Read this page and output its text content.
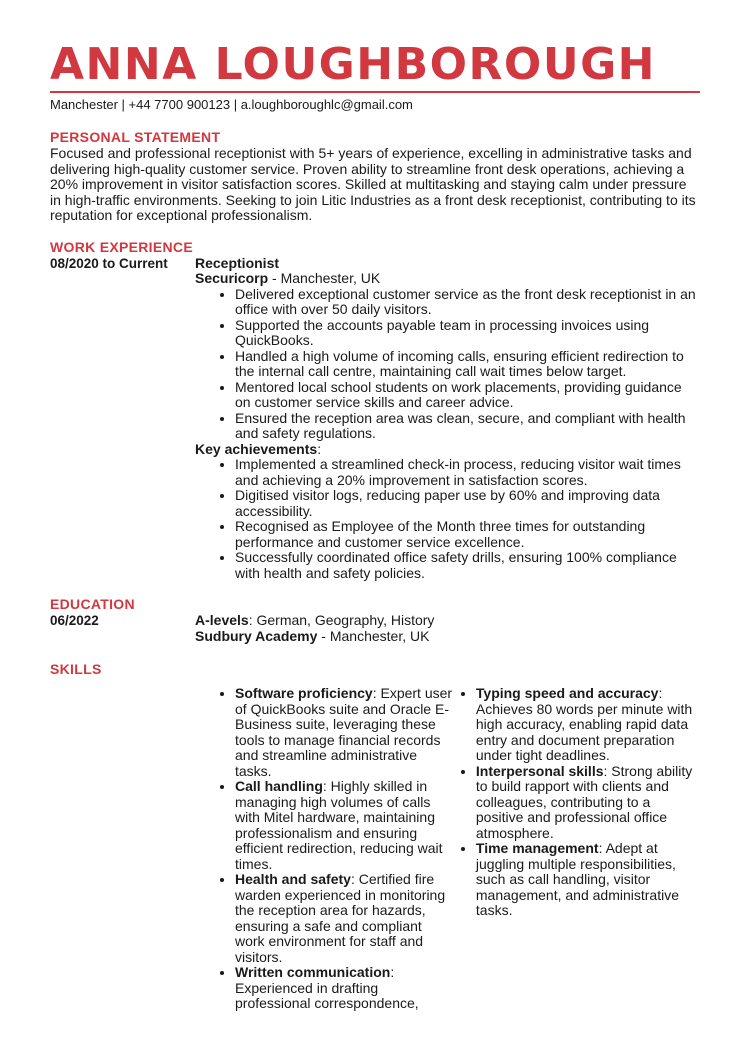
ANNA LOUGHBOROUGH
Manchester | +44 7700 900123 | a.loughboroughlc@gmail.com
PERSONAL STATEMENT
Focused and professional receptionist with 5+ years of experience, excelling in administrative tasks and delivering high-quality customer service. Proven ability to streamline front desk operations, achieving a 20% improvement in visitor satisfaction scores. Skilled at multitasking and staying calm under pressure in high-traffic environments. Seeking to join Litic Industries as a front desk receptionist, contributing to its reputation for exceptional professionalism.
WORK EXPERIENCE
08/2020 to Current	Receptionist
Securicorp - Manchester, UK
• Delivered exceptional customer service as the front desk receptionist in an office with over 50 daily visitors.
• Supported the accounts payable team in processing invoices using QuickBooks.
• Handled a high volume of incoming calls, ensuring efficient redirection to the internal call centre, maintaining call wait times below target.
• Mentored local school students on work placements, providing guidance on customer service skills and career advice.
• Ensured the reception area was clean, secure, and compliant with health and safety regulations.
Key achievements:
• Implemented a streamlined check-in process, reducing visitor wait times and achieving a 20% improvement in satisfaction scores.
• Digitised visitor logs, reducing paper use by 60% and improving data accessibility.
• Recognised as Employee of the Month three times for outstanding performance and customer service excellence.
• Successfully coordinated office safety drills, ensuring 100% compliance with health and safety policies.
EDUCATION
06/2022	A-levels: German, Geography, History
Sudbury Academy - Manchester, UK
SKILLS
• Software proficiency: Expert user of QuickBooks suite and Oracle E-Business suite, leveraging these tools to manage financial records and streamline administrative tasks.
• Call handling: Highly skilled in managing high volumes of calls with Mitel hardware, maintaining professionalism and ensuring efficient redirection, reducing wait times.
• Health and safety: Certified fire warden experienced in monitoring the reception area for hazards, ensuring a safe and compliant work environment for staff and visitors.
• Written communication: Experienced in drafting professional correspondence,
• Typing speed and accuracy: Achieves 80 words per minute with high accuracy, enabling rapid data entry and document preparation under tight deadlines.
• Interpersonal skills: Strong ability to build rapport with clients and colleagues, contributing to a positive and professional office atmosphere.
• Time management: Adept at juggling multiple responsibilities, such as call handling, visitor management, and administrative tasks.
